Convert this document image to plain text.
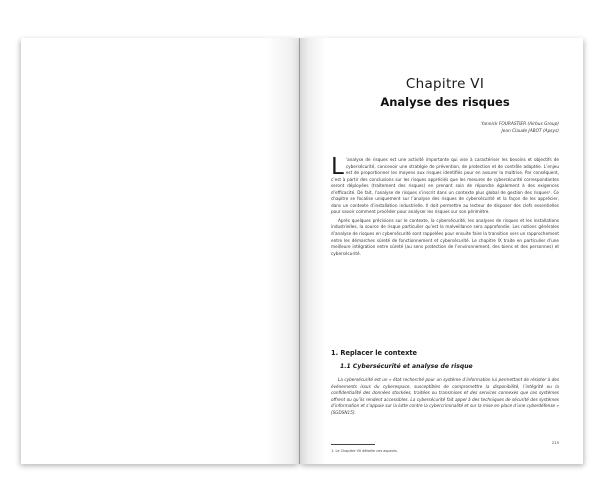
Chapitre VI
Analyse des risques
Yannick FOURASTIER (Airbus Group)
Jean Claude JABOT (Apsys)

L ’analyse de risques est une activité importante qui vise à caractériser les besoins et objectifs de cybersécurité, concevoir une stratégie de prévention, de protection et de contrôle adaptée. L’enjeu est de proportionner les moyens aux risques identifiés pour en assurer la maîtrise. Par conséquent, c’est à partir des conclusions sur les risques appréciés que les mesures de cybersécurité correspondantes seront déployées (traitement des risques) en prenant soin de répondre également à des exigences d’efficacité. De fait, l’analyse de risques s’inscrit dans un contexte plus global de gestion des risques¹. Ce chapitre se focalise uniquement sur l’analyse des risques de cybersécurité et la façon de les apprécier, dans un contexte d’installation industrielle. Il doit permettre au lecteur de disposer des clefs essentielles pour savoir comment procéder pour analyser les risques sur son périmètre.

Après quelques précisions sur le contexte, la cybersécurité, les analyses de risques et les installations industrielles, la source de risque particulier qu’est la malveillance sera approfondie. Les notions générales d’analyse de risques en cybersécurité sont rappelées pour ensuite faire la transition vers un rapprochement entre les démarches sûreté de fonctionnement et cybersécurité. Le chapitre IX traite en particulier d’une meilleure intégration entre sûreté (au sens protection de l’environnement, des biens et des personnes) et cybersécurité.

1. Replacer le contexte
1.1 Cybersécurité et analyse de risque

La cybersécurité est un « état recherché pour un système d’information lui permettant de résister à des événements issus du cyberespace, susceptibles de compromettre la disponibilité, l’intégrité ou la confidentialité des données stockées, traitées ou transmises et des services connexes que ces systèmes offrent ou qu’ils rendent accessibles. La cybersécurité fait appel à des techniques de sécurité des systèmes d’information et s’appuie sur la lutte contre la cybercriminalité et sur la mise en place d’une cyberdéfense » [SGDSN15].

215
1. Le Chapitre VII détaille ces aspects.
